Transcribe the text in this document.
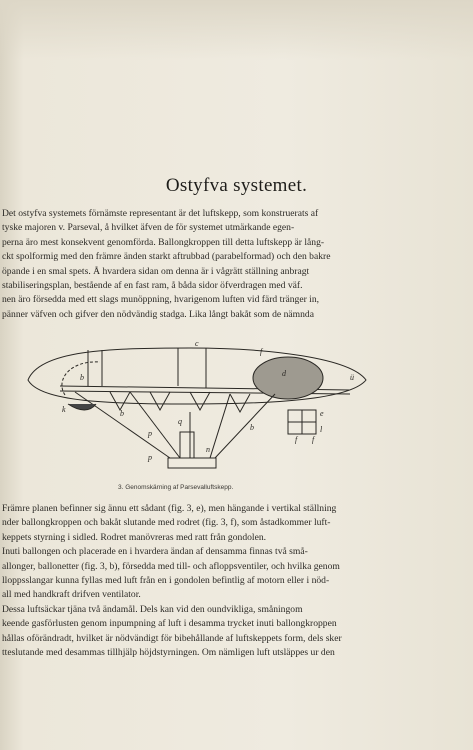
Ostyfva systemet.
Det ostyfva systemets förnämste representant är det luftskepp, som konstruerats af
tyske majoren v. Parseval, å hvilket äfven de för systemet utmärkande egen-
perna äro mest konsekvent genomförda. Ballongkroppen till detta luftskepp är lång-
ckt spolformig med den främre änden starkt aftrubbad (parabelformad) och den bakre
öpande i en smal spets. Å hvardera sidan om denna är i vågrätt ställning anbragt
stabiliseringsplan, bestående af en fast ram, å båda sidor öfverdragen med väf.
nen äro försedda med ett slags munöppning, hvarigenom luften vid färd tränger in,
pänner väfven och gifver den nödvändig stadga. Lika långt bakåt som de nämnda
c
f
b	d	ü
k
p
q
b
e
l
b
n
p
f f
3. Genomskärning af Parsevalluftskepp.
Främre planen befinner sig ännu ett sådant (fig. 3, e), men hängande i vertikal ställning
nder ballongkroppen och bakåt slutande med rodret (fig. 3, f), som åstadkommer luft-
keppets styrning i sidled. Rodret manövreras med ratt från gondolen.
Inuti ballongen och placerade en i hvardera ändan af densamma finnas två små-
allonger, ballonetter (fig. 3, b), försedda med till- och afloppsventiler, och hvilka genom
lloppsslangar kunna fyllas med luft från en i gondolen befintlig af motorn eller i nöd-
all med handkraft drifven ventilator.
Dessa luftsäckar tjäna två ändamål. Dels kan vid den oundvikliga, småningom
keende gasförlusten genom inpumpning af luft i desamma trycket inuti ballongkroppen
hållas oförändradt, hvilket är nödvändigt för bibehållande af luftskeppets form, dels sker
tteslutande med desammas tillhjälp höjdstyrningen. Om nämligen luft utsläppes ur den
